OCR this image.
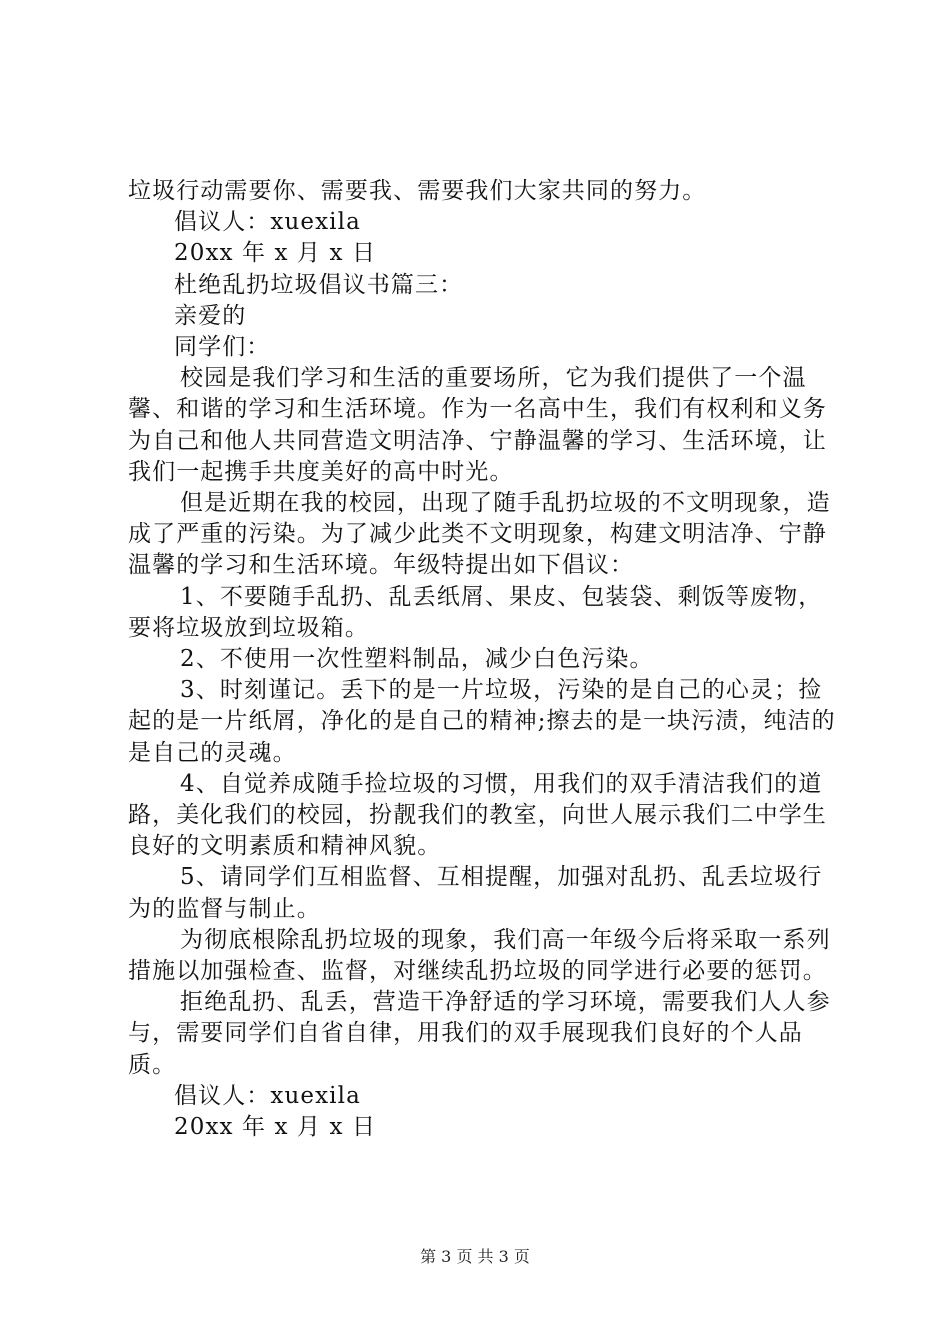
垃圾行动需要你、需要我、需要我们大家共同的努力。

倡议人：xuexila

20xx 年 x 月 x 日

杜绝乱扔垃圾倡议书篇三：

亲爱的

同学们：

校园是我们学习和生活的重要场所，它为我们提供了一个温馨、和谐的学习和生活环境。作为一名高中生，我们有权利和义务为自己和他人共同营造文明洁净、宁静温馨的学习、生活环境，让我们一起携手共度美好的高中时光。

但是近期在我的校园，出现了随手乱扔垃圾的不文明现象，造成了严重的污染。为了减少此类不文明现象，构建文明洁净、宁静温馨的学习和生活环境。年级特提出如下倡议：

1、不要随手乱扔、乱丢纸屑、果皮、包装袋、剩饭等废物，要将垃圾放到垃圾箱。

2、不使用一次性塑料制品，减少白色污染。

3、时刻谨记。丢下的是一片垃圾，污染的是自己的心灵；捡起的是一片纸屑，净化的是自己的精神;擦去的是一块污渍，纯洁的是自己的灵魂。

4、自觉养成随手捡垃圾的习惯，用我们的双手清洁我们的道路，美化我们的校园，扮靓我们的教室，向世人展示我们二中学生良好的文明素质和精神风貌。

5、请同学们互相监督、互相提醒，加强对乱扔、乱丢垃圾行为的监督与制止。

为彻底根除乱扔垃圾的现象，我们高一年级今后将采取一系列措施以加强检查、监督，对继续乱扔垃圾的同学进行必要的惩罚。

拒绝乱扔、乱丢，营造干净舒适的学习环境，需要我们人人参与，需要同学们自省自律，用我们的双手展现我们良好的个人品质。

倡议人：xuexila

20xx 年 x 月 x 日

第 3 页 共 3 页
